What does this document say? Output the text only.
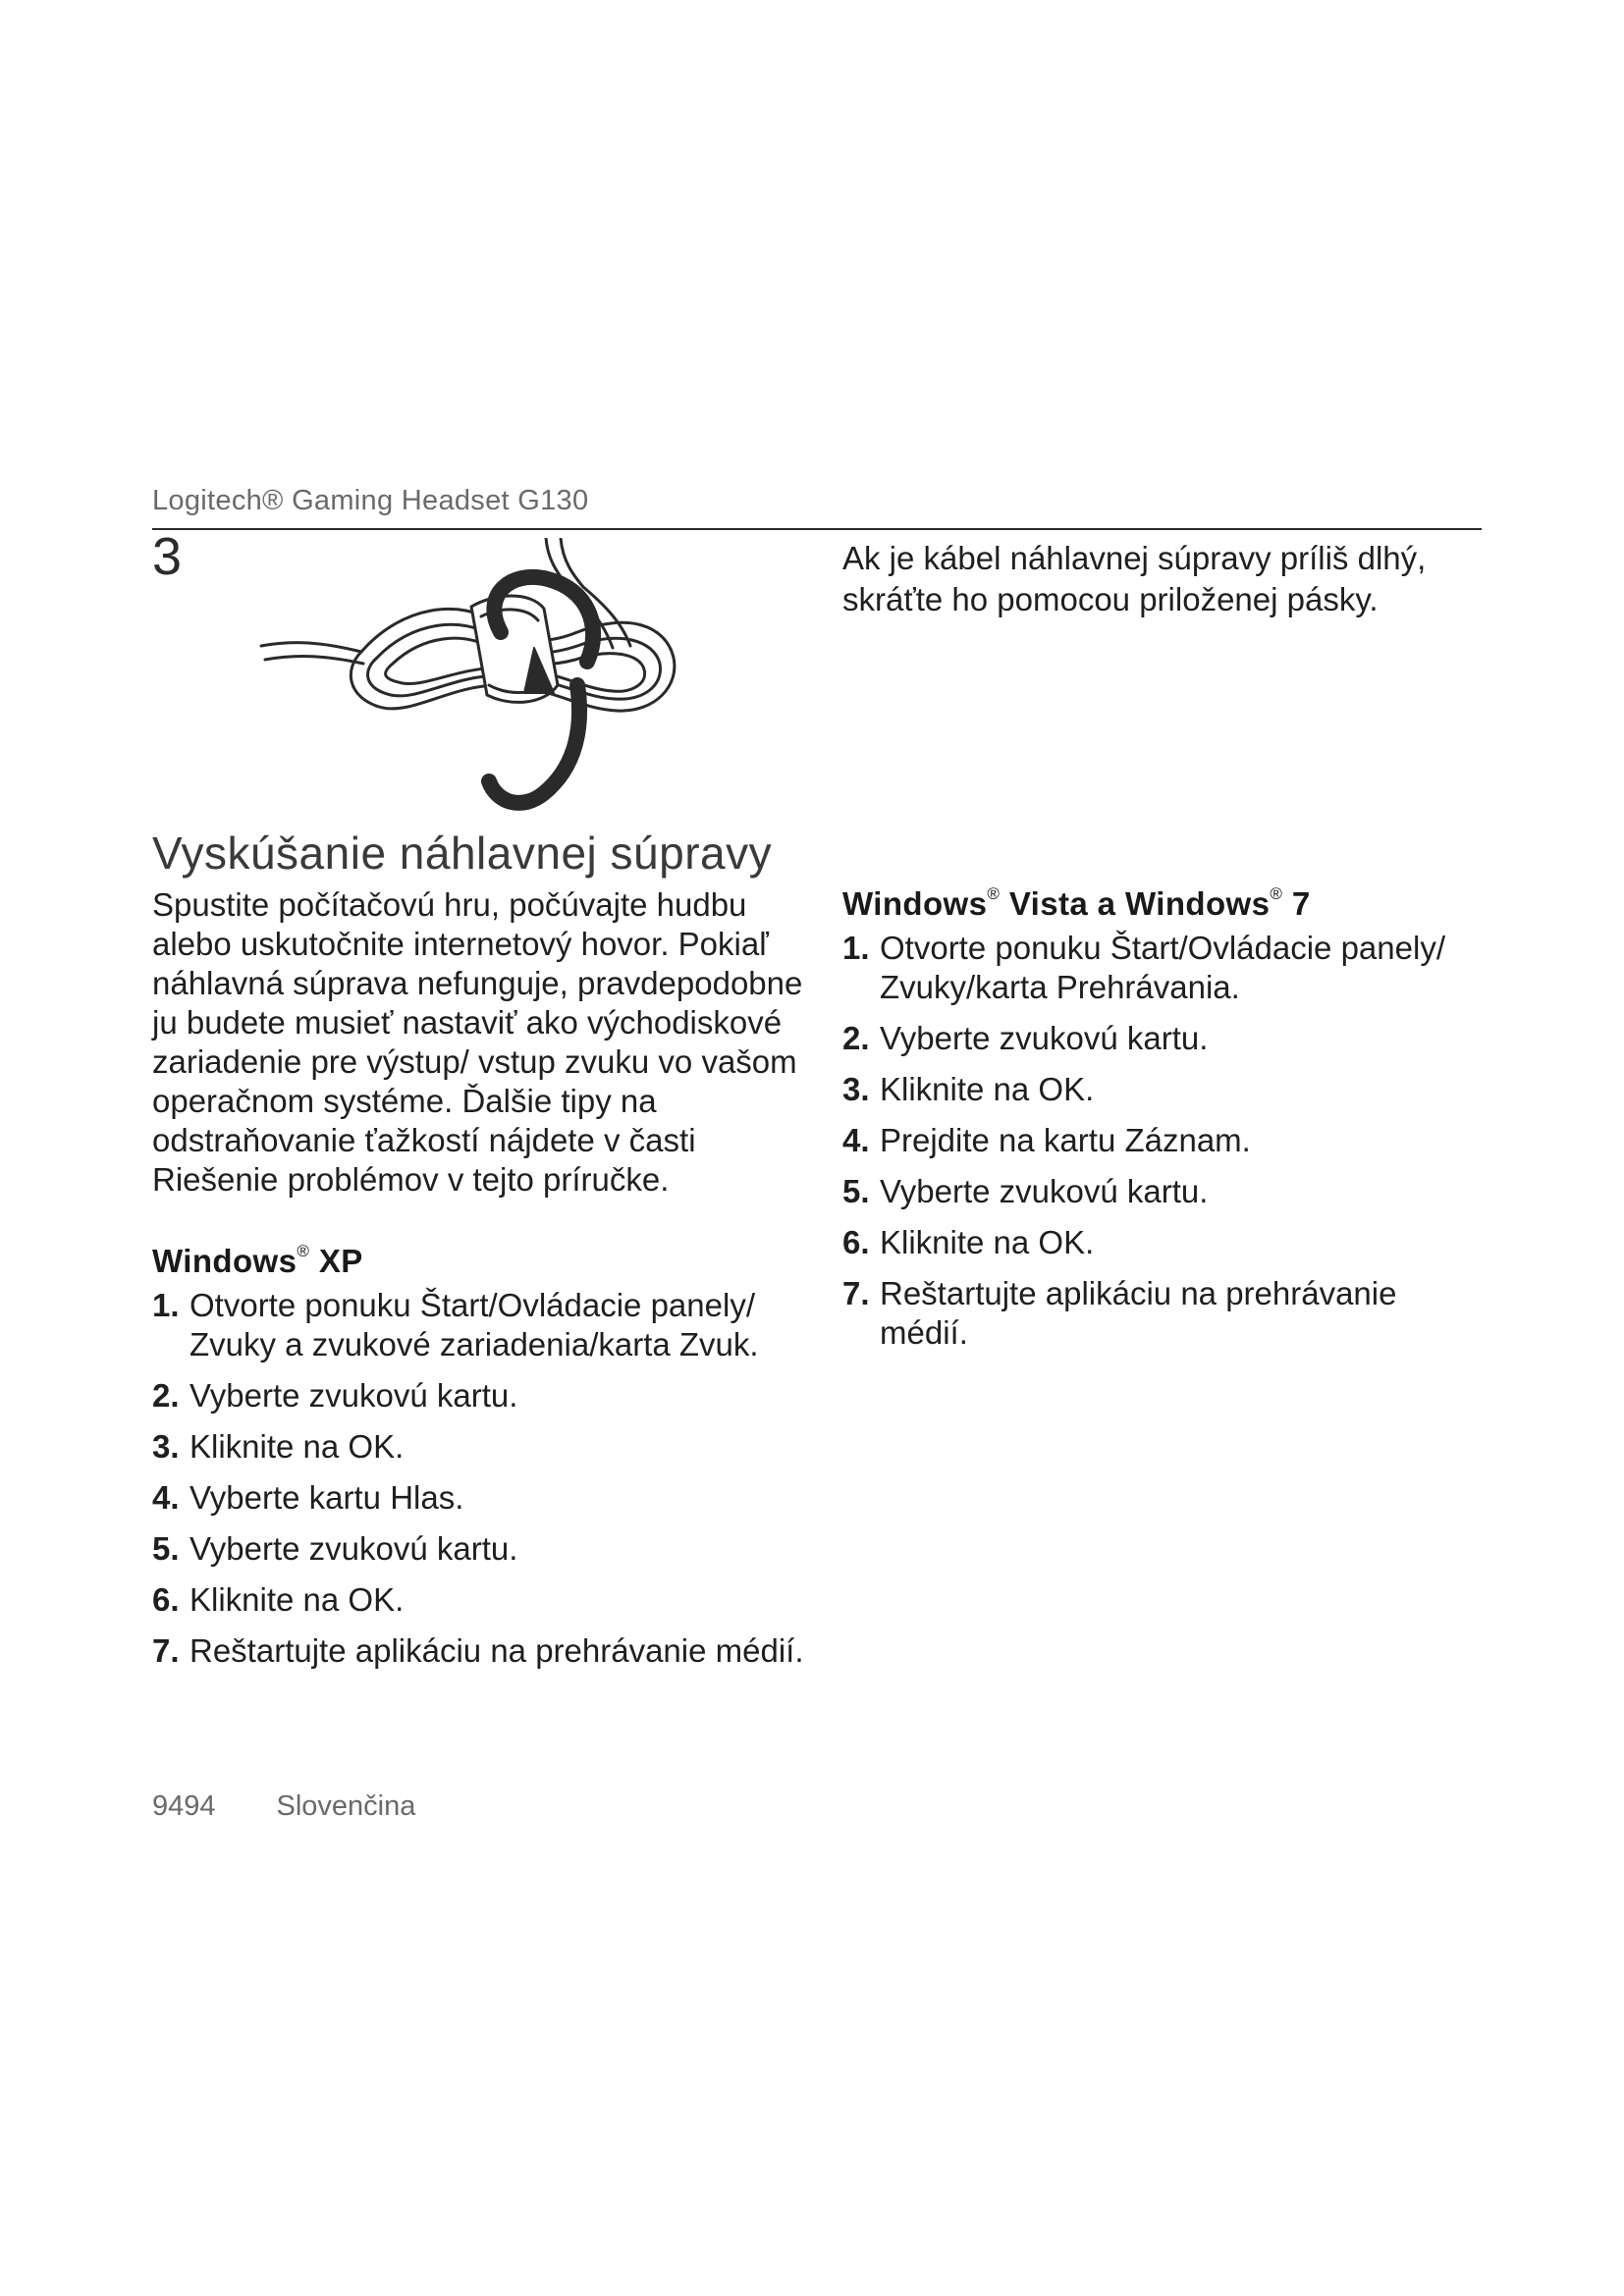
Logitech® Gaming Headset G130
3	Ak je kábel náhlavnej súpravy príliš dlhý, skráťte ho pomocou priloženej pásky.
Vyskúšanie náhlavnej súpravy
Spustite počítačovú hru, počúvajte hudbu alebo uskutočnite internetový hovor. Pokiaľ náhlavná súprava nefunguje, pravdepodobne ju budete musieť nastaviť ako východiskové zariadenie pre výstup/ vstup zvuku vo vašom operačnom systéme. Ďalšie tipy na odstraňovanie ťažkostí nájdete v časti Riešenie problémov v tejto príručke.
Windows® XP
1. Otvorte ponuku Štart/Ovládacie panely/ Zvuky a zvukové zariadenia/karta Zvuk.
2. Vyberte zvukovú kartu.
3. Kliknite na OK.
4. Vyberte kartu Hlas.
5. Vyberte zvukovú kartu.
6. Kliknite na OK.
7. Reštartujte aplikáciu na prehrávanie médií.
Windows® Vista a Windows® 7
1. Otvorte ponuku Štart/Ovládacie panely/ Zvuky/karta Prehrávania.
2. Vyberte zvukovú kartu.
3. Kliknite na OK.
4. Prejdite na kartu Záznam.
5. Vyberte zvukovú kartu.
6. Kliknite na OK.
7. Reštartujte aplikáciu na prehrávanie médií.
9494 Slovenčina
